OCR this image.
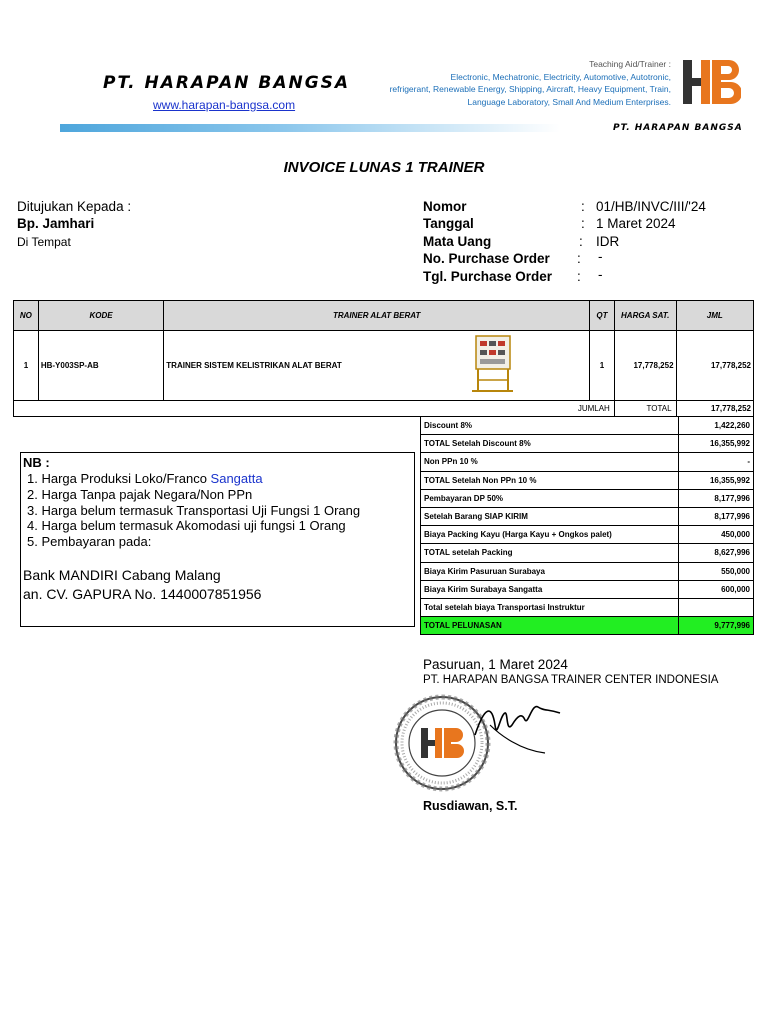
PT. HARAPAN BANGSA
www.harapan-bangsa.com
Teaching Aid/Trainer :
Electronic, Mechatronic, Electricity, Automotive, Autotronic,
refrigerant, Renewable Energy, Shipping, Aircraft, Heavy Equipment, Train,
Language Laboratory, Small And Medium Enterprises.
PT. HARAPAN BANGSA
INVOICE LUNAS 1 TRAINER
Ditujukan Kepada :
Bp. Jamhari
Di Tempat
Nomor	: 01/HB/INVC/III/'24
Tanggal	: 1 Maret 2024
Mata Uang	: IDR
No. Purchase Order : -
Tgl. Purchase Order : -
NO	KODE	TRAINER ALAT BERAT	QT	HARGA SAT.	JML
1	HB-Y003SP-AB	TRAINER SISTEM KELISTRIKAN ALAT BERAT	1	17,778,252	17,778,252
JUMLAH				TOTAL	17,778,252
Discount 8%	1,422,260
TOTAL Setelah Discount 8%	16,355,992
Non PPn 10 %	-
TOTAL Setelah Non PPn 10 %	16,355,992
Pembayaran DP 50%	8,177,996
Setelah Barang SIAP KIRIM	8,177,996
Biaya Packing Kayu (Harga Kayu + Ongkos palet)	450,000
TOTAL setelah Packing	8,627,996
Biaya Kirim Pasuruan Surabaya	550,000
Biaya Kirim Surabaya Sangatta	600,000
Total setelah biaya Transportasi Instruktur	
TOTAL PELUNASAN	9,777,996
NB :
1. Harga Produksi Loko/Franco Sangatta
2. Harga Tanpa pajak Negara/Non PPn
3. Harga belum termasuk Transportasi Uji Fungsi 1 Orang
4. Harga belum termasuk Akomodasi uji fungsi 1 Orang
5. Pembayaran pada:
Bank MANDIRI Cabang Malang
an. CV. GAPURA No. 1440007851956
Pasuruan, 1 Maret 2024
PT. HARAPAN BANGSA TRAINER CENTER INDONESIA
Rusdiawan, S.T.
